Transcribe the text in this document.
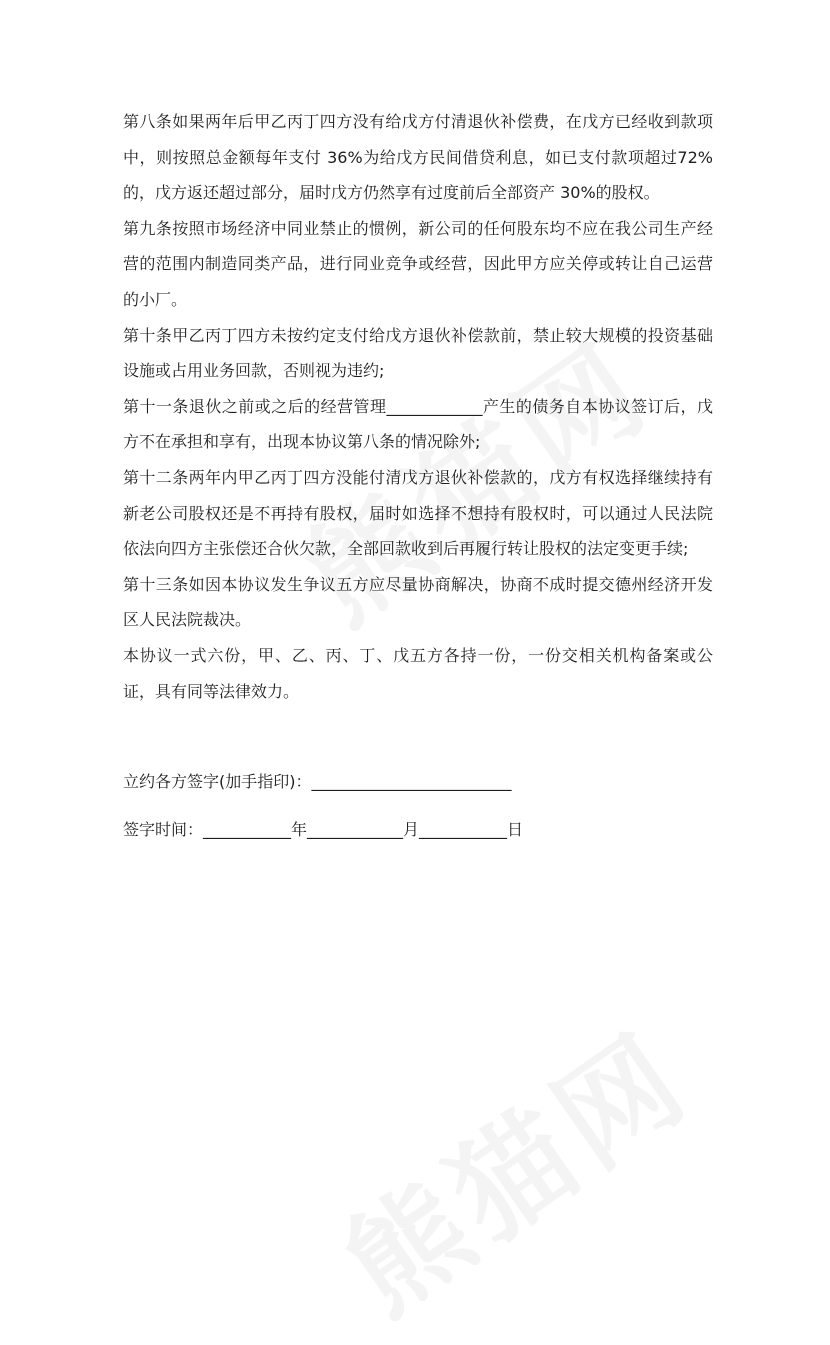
第八条如果两年后甲乙丙丁四方没有给戊方付清退伙补偿费，在戊方已经收到款项中，则按照总金额每年支付 36%为给戊方民间借贷利息，如已支付款项超过72%的，戊方返还超过部分，届时戊方仍然享有过度前后全部资产 30%的股权。

第九条按照市场经济中同业禁止的惯例，新公司的任何股东均不应在我公司生产经营的范围内制造同类产品，进行同业竞争或经营，因此甲方应关停或转让自己运营的小厂。

第十条甲乙丙丁四方未按约定支付给戊方退伙补偿款前，禁止较大规模的投资基础设施或占用业务回款，否则视为违约;

第十一条退伙之前或之后的经营管理____________产生的债务自本协议签订后，戊方不在承担和享有，出现本协议第八条的情况除外;

第十二条两年内甲乙丙丁四方没能付清戊方退伙补偿款的，戊方有权选择继续持有新老公司股权还是不再持有股权，届时如选择不想持有股权时，可以通过人民法院依法向四方主张偿还合伙欠款，全部回款收到后再履行转让股权的法定变更手续;

第十三条如因本协议发生争议五方应尽量协商解决，协商不成时提交德州经济开发区人民法院裁决。

本协议一式六份，甲、乙、丙、丁、戊五方各持一份，一份交相关机构备案或公证，具有同等法律效力。

立约各方签字(加手指印)：_________________________

签字时间：___________年____________月___________日
